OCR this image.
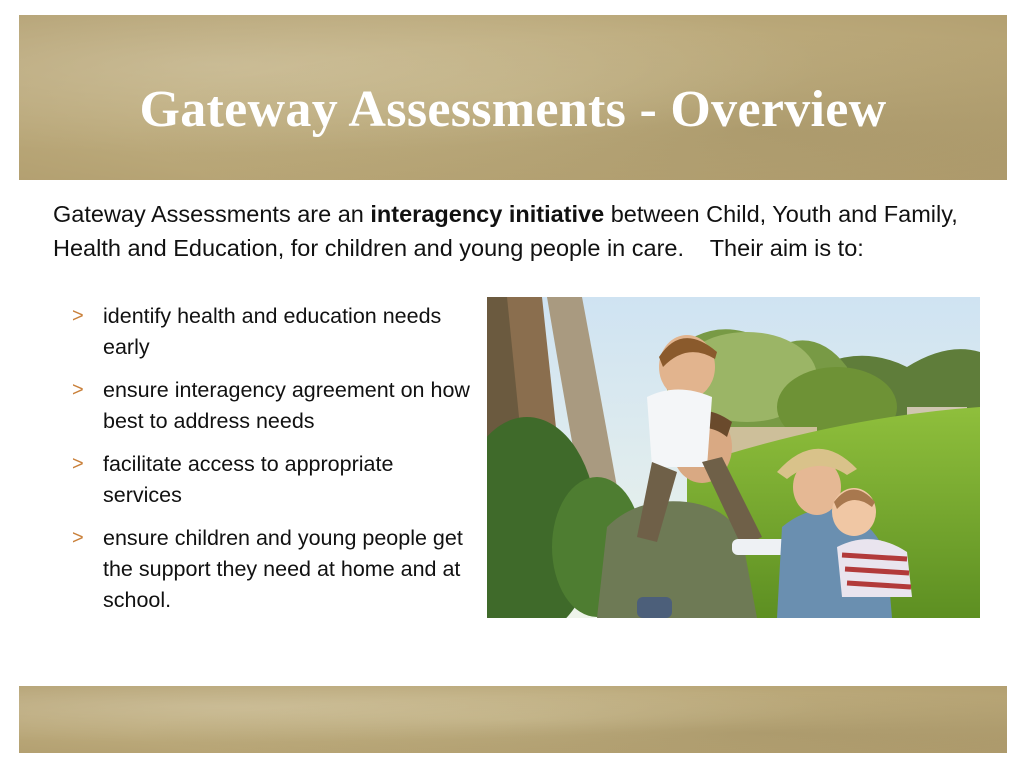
Gateway Assessments - Overview

Gateway Assessments are an interagency initiative between Child, Youth and Family, Health and Education, for children and young people in care.    Their aim is to:

> identify health and education needs early
> ensure interagency agreement on how best to address needs
> facilitate access to appropriate services
> ensure children and young people get the support they need at home and at school.
